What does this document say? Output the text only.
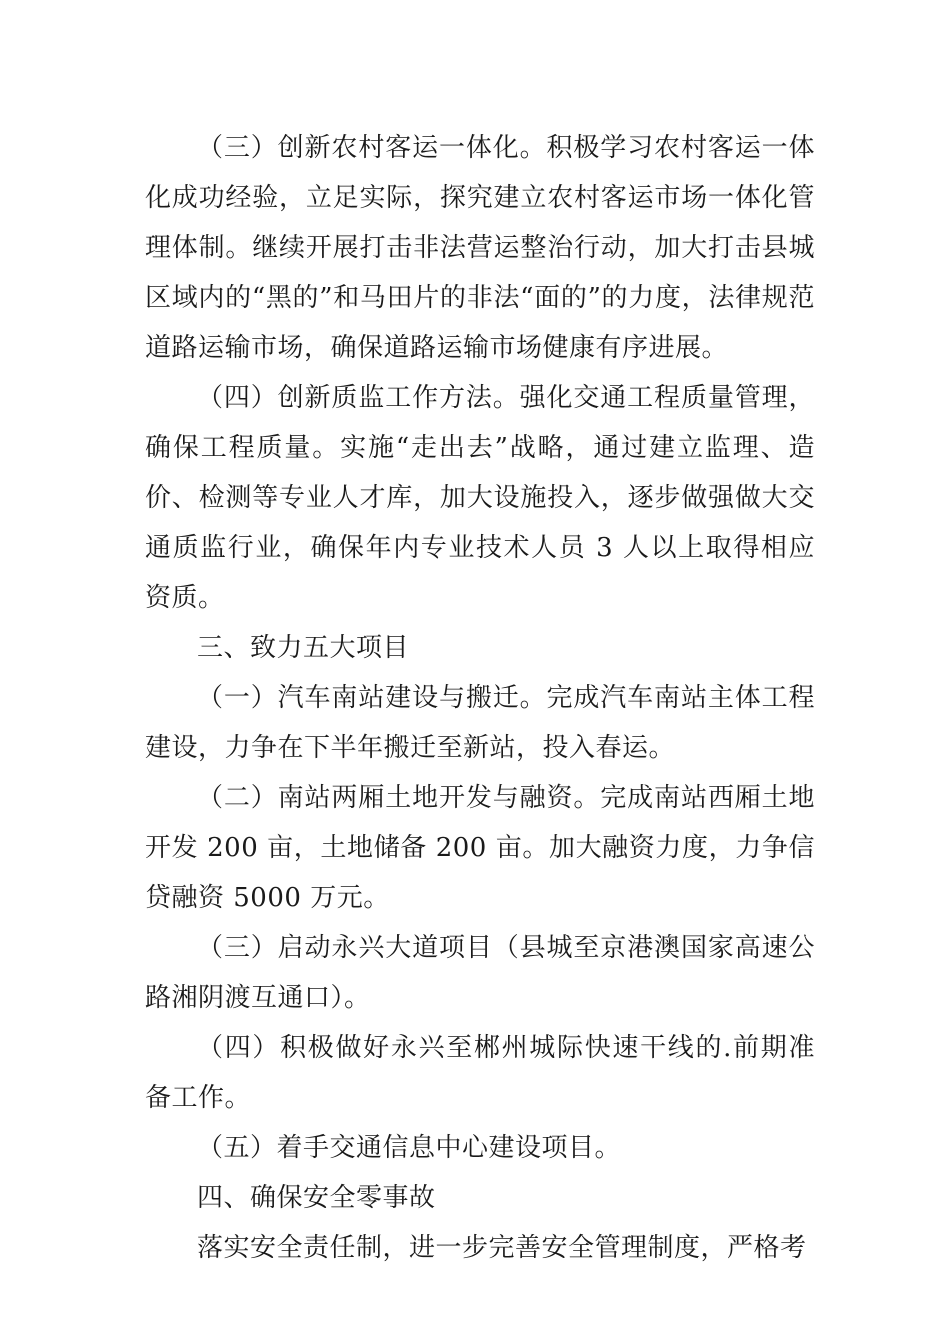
（三）创新农村客运一体化。积极学习农村客运一体化成功经验，立足实际，探究建立农村客运市场一体化管理体制。继续开展打击非法营运整治行动，加大打击县城区域内的“黑的”和马田片的非法“面的”的力度，法律规范道路运输市场，确保道路运输市场健康有序进展。

（四）创新质监工作方法。强化交通工程质量管理，确保工程质量。实施“走出去”战略，通过建立监理、造价、检测等专业人才库，加大设施投入，逐步做强做大交通质监行业，确保年内专业技术人员 3 人以上取得相应资质。

三、致力五大项目

（一）汽车南站建设与搬迁。完成汽车南站主体工程建设，力争在下半年搬迁至新站，投入春运。

（二）南站两厢土地开发与融资。完成南站西厢土地开发 200 亩，土地储备 200 亩。加大融资力度，力争信贷融资 5000 万元。

（三）启动永兴大道项目（县城至京港澳国家高速公路湘阴渡互通口）。

（四）积极做好永兴至郴州城际快速干线的.前期准备工作。

（五）着手交通信息中心建设项目。

四、确保安全零事故

落实安全责任制，进一步完善安全管理制度，严格考
